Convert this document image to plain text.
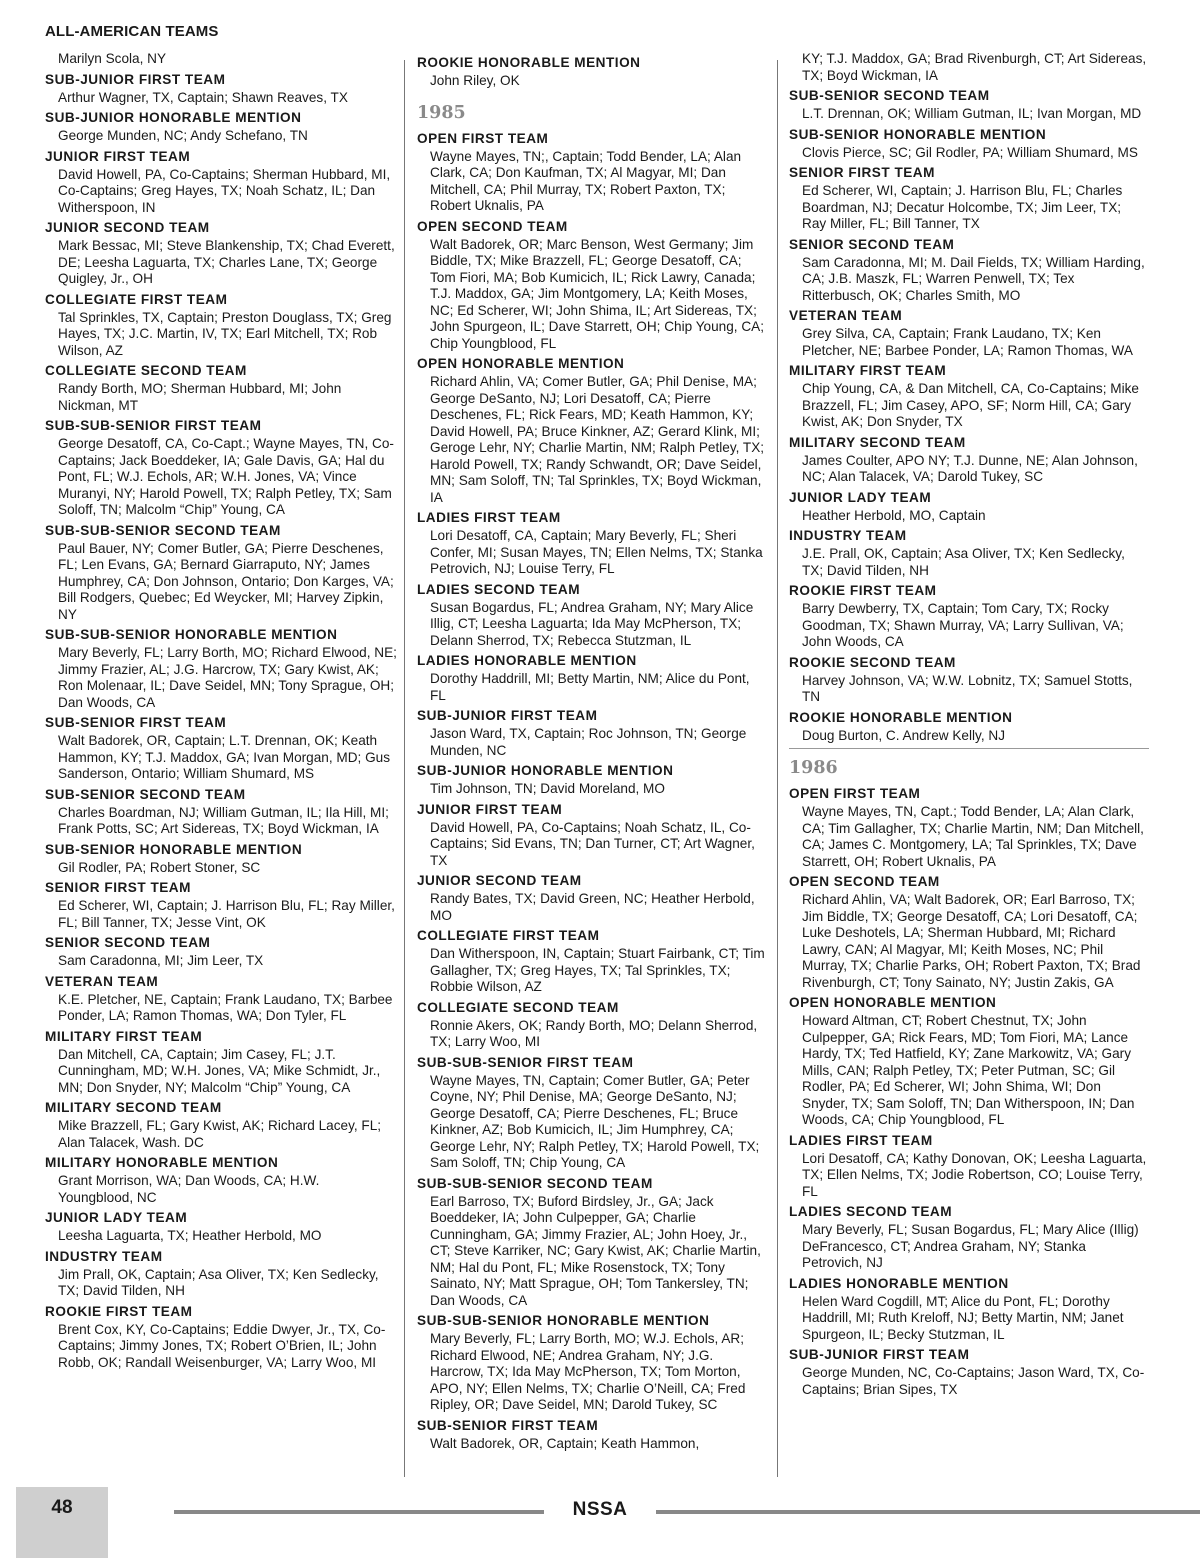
ALL-AMERICAN TEAMS
Marilyn Scola, NY
SUB-JUNIOR FIRST TEAM
Arthur Wagner, TX, Captain; Shawn Reaves, TX
SUB-JUNIOR HONORABLE MENTION
George Munden, NC; Andy Schefano, TN
JUNIOR FIRST TEAM
David Howell, PA, Co-Captains; Sherman Hubbard, MI, Co-Captains; Greg Hayes, TX; Noah Schatz, IL; Dan Witherspoon, IN
JUNIOR SECOND TEAM
Mark Bessac, MI; Steve Blankenship, TX; Chad Everett, DE; Leesha Laguarta, TX; Charles Lane, TX; George Quigley, Jr., OH
COLLEGIATE FIRST TEAM
Tal Sprinkles, TX, Captain; Preston Douglass, TX; Greg Hayes, TX; J.C. Martin, IV, TX; Earl Mitchell, TX; Rob Wilson, AZ
COLLEGIATE SECOND TEAM
Randy Borth, MO; Sherman Hubbard, MI; John Nickman, MT
SUB-SUB-SENIOR FIRST TEAM
George Desatoff, CA, Co-Capt.; Wayne Mayes, TN, Co-Captains; Jack Boeddeker, IA; Gale Davis, GA; Hal du Pont, FL; W.J. Echols, AR; W.H. Jones, VA; Vince Muranyi, NY; Harold Powell, TX; Ralph Petley, TX; Sam Soloff, TN; Malcolm “Chip” Young, CA
SUB-SUB-SENIOR SECOND TEAM
Paul Bauer, NY; Comer Butler, GA; Pierre Deschenes, FL; Len Evans, GA; Bernard Giarraputo, NY; James Humphrey, CA; Don Johnson, Ontario; Don Karges, VA; Bill Rodgers, Quebec; Ed Weycker, MI; Harvey Zipkin, NY
SUB-SUB-SENIOR HONORABLE MENTION
Mary Beverly, FL; Larry Borth, MO; Richard Elwood, NE; Jimmy Frazier, AL; J.G. Harcrow, TX; Gary Kwist, AK; Ron Molenaar, IL; Dave Seidel, MN; Tony Sprague, OH; Dan Woods, CA
SUB-SENIOR FIRST TEAM
Walt Badorek, OR, Captain; L.T. Drennan, OK; Keath Hammon, KY; T.J. Maddox, GA; Ivan Morgan, MD; Gus Sanderson, Ontario; William Shumard, MS
SUB-SENIOR SECOND TEAM
Charles Boardman, NJ; William Gutman, IL; Ila Hill, MI; Frank Potts, SC; Art Sidereas, TX; Boyd Wickman, IA
SUB-SENIOR HONORABLE MENTION
Gil Rodler, PA; Robert Stoner, SC
SENIOR FIRST TEAM
Ed Scherer, WI, Captain; J. Harrison Blu, FL; Ray Miller, FL; Bill Tanner, TX; Jesse Vint, OK
SENIOR SECOND TEAM
Sam Caradonna, MI; Jim Leer, TX
VETERAN TEAM
K.E. Pletcher, NE, Captain; Frank Laudano, TX; Barbee Ponder, LA; Ramon Thomas, WA; Don Tyler, FL
MILITARY FIRST TEAM
Dan Mitchell, CA, Captain; Jim Casey, FL; J.T. Cunningham, MD; W.H. Jones, VA; Mike Schmidt, Jr., MN; Don Snyder, NY; Malcolm “Chip” Young, CA
MILITARY SECOND TEAM
Mike Brazzell, FL; Gary Kwist, AK; Richard Lacey, FL; Alan Talacek, Wash. DC
MILITARY HONORABLE MENTION
Grant Morrison, WA; Dan Woods, CA; H.W. Youngblood, NC
JUNIOR LADY TEAM
Leesha Laguarta, TX; Heather Herbold, MO
INDUSTRY TEAM
Jim Prall, OK, Captain; Asa Oliver, TX; Ken Sedlecky, TX; David Tilden, NH
ROOKIE FIRST TEAM
Brent Cox, KY, Co-Captains; Eddie Dwyer, Jr., TX, Co-Captains; Jimmy Jones, TX; Robert O’Brien, IL; John Robb, OK; Randall Weisenburger, VA; Larry Woo, MI
ROOKIE HONORABLE MENTION
John Riley, OK
1985
OPEN FIRST TEAM
Wayne Mayes, TN;, Captain; Todd Bender, LA; Alan Clark, CA; Don Kaufman, TX; Al Magyar, MI; Dan Mitchell, CA; Phil Murray, TX; Robert Paxton, TX; Robert Uknalis, PA
OPEN SECOND TEAM
Walt Badorek, OR; Marc Benson, West Germany; Jim Biddle, TX; Mike Brazzell, FL; George Desatoff, CA; Tom Fiori, MA; Bob Kumicich, IL; Rick Lawry, Canada; T.J. Maddox, GA; Jim Montgomery, LA; Keith Moses, NC; Ed Scherer, WI; John Shima, IL; Art Sidereas, TX; John Spurgeon, IL; Dave Starrett, OH; Chip Young, CA; Chip Youngblood, FL
OPEN HONORABLE MENTION
Richard Ahlin, VA; Comer Butler, GA; Phil Denise, MA; George DeSanto, NJ; Lori Desatoff, CA; Pierre Deschenes, FL; Rick Fears, MD; Keath Hammon, KY; David Howell, PA; Bruce Kinkner, AZ; Gerard Klink, MI; Geroge Lehr, NY; Charlie Martin, NM; Ralph Petley, TX; Harold Powell, TX; Randy Schwandt, OR; Dave Seidel, MN; Sam Soloff, TN; Tal Sprinkles, TX; Boyd Wickman, IA
LADIES FIRST TEAM
Lori Desatoff, CA, Captain; Mary Beverly, FL; Sheri Confer, MI; Susan Mayes, TN; Ellen Nelms, TX; Stanka Petrovich, NJ; Louise Terry, FL
LADIES SECOND TEAM
Susan Bogardus, FL; Andrea Graham, NY; Mary Alice Illig, CT; Leesha Laguarta; Ida May McPherson, TX; Delann Sherrod, TX; Rebecca Stutzman, IL
LADIES HONORABLE MENTION
Dorothy Haddrill, MI; Betty Martin, NM; Alice du Pont, FL
SUB-JUNIOR FIRST TEAM
Jason Ward, TX, Captain; Roc Johnson, TN; George Munden, NC
SUB-JUNIOR HONORABLE MENTION
Tim Johnson, TN; David Moreland, MO
JUNIOR FIRST TEAM
David Howell, PA, Co-Captains; Noah Schatz, IL, Co-Captains; Sid Evans, TN; Dan Turner, CT; Art Wagner, TX
JUNIOR SECOND TEAM
Randy Bates, TX; David Green, NC; Heather Herbold, MO
COLLEGIATE FIRST TEAM
Dan Witherspoon, IN, Captain; Stuart Fairbank, CT; Tim Gallagher, TX; Greg Hayes, TX; Tal Sprinkles, TX; Robbie Wilson, AZ
COLLEGIATE SECOND TEAM
Ronnie Akers, OK; Randy Borth, MO; Delann Sherrod, TX; Larry Woo, MI
SUB-SUB-SENIOR FIRST TEAM
Wayne Mayes, TN, Captain; Comer Butler, GA; Peter Coyne, NY; Phil Denise, MA; George DeSanto, NJ; George Desatoff, CA; Pierre Deschenes, FL; Bruce Kinkner, AZ; Bob Kumicich, IL; Jim Humphrey, CA; George Lehr, NY; Ralph Petley, TX; Harold Powell, TX; Sam Soloff, TN; Chip Young, CA
SUB-SUB-SENIOR SECOND TEAM
Earl Barroso, TX; Buford Birdsley, Jr., GA; Jack Boeddeker, IA; John Culpepper, GA; Charlie Cunningham, GA; Jimmy Frazier, AL; John Hoey, Jr., CT; Steve Karriker, NC; Gary Kwist, AK; Charlie Martin, NM; Hal du Pont, FL; Mike Rosenstock, TX; Tony Sainato, NY; Matt Sprague, OH; Tom Tankersley, TN; Dan Woods, CA
SUB-SUB-SENIOR HONORABLE MENTION
Mary Beverly, FL; Larry Borth, MO; W.J. Echols, AR; Richard Elwood, NE; Andrea Graham, NY; J.G. Harcrow, TX; Ida May McPherson, TX; Tom Morton, APO, NY; Ellen Nelms, TX; Charlie O’Neill, CA; Fred Ripley, OR; Dave Seidel, MN; Darold Tukey, SC
SUB-SENIOR FIRST TEAM
Walt Badorek, OR, Captain; Keath Hammon,
KY; T.J. Maddox, GA; Brad Rivenburgh, CT; Art Sidereas, TX; Boyd Wickman, IA
SUB-SENIOR SECOND TEAM
L.T. Drennan, OK; William Gutman, IL; Ivan Morgan, MD
SUB-SENIOR HONORABLE MENTION
Clovis Pierce, SC; Gil Rodler, PA; William Shumard, MS
SENIOR FIRST TEAM
Ed Scherer, WI, Captain; J. Harrison Blu, FL; Charles Boardman, NJ; Decatur Holcombe, TX; Jim Leer, TX; Ray Miller, FL; Bill Tanner, TX
SENIOR SECOND TEAM
Sam Caradonna, MI; M. Dail Fields, TX; William Harding, CA; J.B. Maszk, FL; Warren Penwell, TX; Tex Ritterbusch, OK; Charles Smith, MO
VETERAN TEAM
Grey Silva, CA, Captain; Frank Laudano, TX; Ken Pletcher, NE; Barbee Ponder, LA; Ramon Thomas, WA
MILITARY FIRST TEAM
Chip Young, CA, & Dan Mitchell, CA, Co-Captains; Mike Brazzell, FL; Jim Casey, APO, SF; Norm Hill, CA; Gary Kwist, AK; Don Snyder, TX
MILITARY SECOND TEAM
James Coulter, APO NY; T.J. Dunne, NE; Alan Johnson, NC; Alan Talacek, VA; Darold Tukey, SC
JUNIOR LADY TEAM
Heather Herbold, MO, Captain
INDUSTRY TEAM
J.E. Prall, OK, Captain; Asa Oliver, TX; Ken Sedlecky, TX; David Tilden, NH
ROOKIE FIRST TEAM
Barry Dewberry, TX, Captain; Tom Cary, TX; Rocky Goodman, TX; Shawn Murray, VA; Larry Sullivan, VA; John Woods, CA
ROOKIE SECOND TEAM
Harvey Johnson, VA; W.W. Lobnitz, TX; Samuel Stotts, TN
ROOKIE HONORABLE MENTION
Doug Burton, C. Andrew Kelly, NJ
1986
OPEN FIRST TEAM
Wayne Mayes, TN, Capt.; Todd Bender, LA; Alan Clark, CA; Tim Gallagher, TX; Charlie Martin, NM; Dan Mitchell, CA; James C. Montgomery, LA; Tal Sprinkles, TX; Dave Starrett, OH; Robert Uknalis, PA
OPEN SECOND TEAM
Richard Ahlin, VA; Walt Badorek, OR; Earl Barroso, TX; Jim Biddle, TX; George Desatoff, CA; Lori Desatoff, CA; Luke Deshotels, LA; Sherman Hubbard, MI; Richard Lawry, CAN; Al Magyar, MI; Keith Moses, NC; Phil Murray, TX; Charlie Parks, OH; Robert Paxton, TX; Brad Rivenburgh, CT; Tony Sainato, NY; Justin Zakis, GA
OPEN HONORABLE MENTION
Howard Altman, CT; Robert Chestnut, TX; John Culpepper, GA; Rick Fears, MD; Tom Fiori, MA; Lance Hardy, TX; Ted Hatfield, KY; Zane Markowitz, VA; Gary Mills, CAN; Ralph Petley, TX; Peter Putman, SC; Gil Rodler, PA; Ed Scherer, WI; John Shima, WI; Don Snyder, TX; Sam Soloff, TN; Dan Witherspoon, IN; Dan Woods, CA; Chip Youngblood, FL
LADIES FIRST TEAM
Lori Desatoff, CA; Kathy Donovan, OK; Leesha Laguarta, TX; Ellen Nelms, TX; Jodie Robertson, CO; Louise Terry, FL
LADIES SECOND TEAM
Mary Beverly, FL; Susan Bogardus, FL; Mary Alice (Illig) DeFrancesco, CT; Andrea Graham, NY; Stanka Petrovich, NJ
LADIES HONORABLE MENTION
Helen Ward Cogdill, MT; Alice du Pont, FL; Dorothy Haddrill, MI; Ruth Kreloff, NJ; Betty Martin, NM; Janet Spurgeon, IL; Becky Stutzman, IL
SUB-JUNIOR FIRST TEAM
George Munden, NC, Co-Captains; Jason Ward, TX, Co-Captains; Brian Sipes, TX
48	NSSA
